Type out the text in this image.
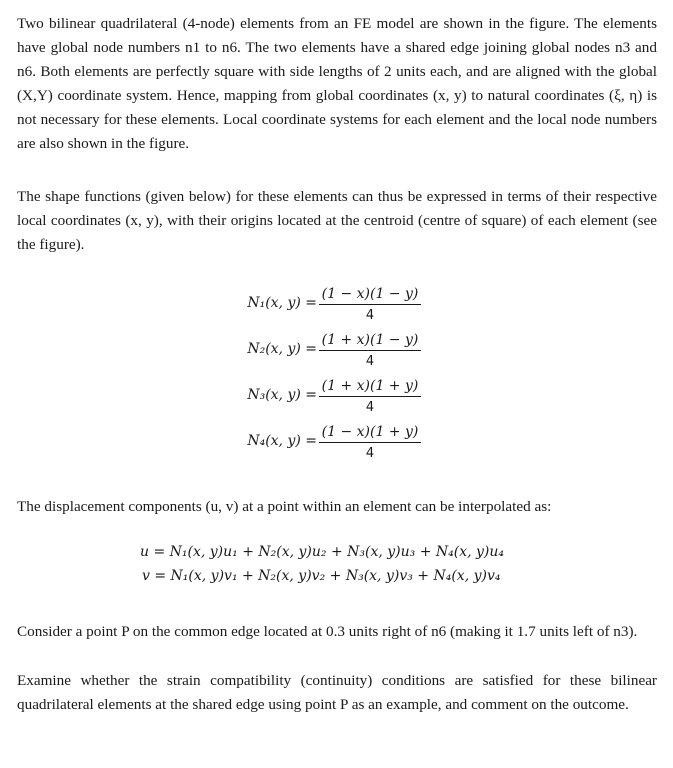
Two bilinear quadrilateral (4-node) elements from an FE model are shown in the figure. The elements have global node numbers n1 to n6. The two elements have a shared edge joining global nodes n3 and n6. Both elements are perfectly square with side lengths of 2 units each, and are aligned with the global (X,Y) coordinate system. Hence, mapping from global coordinates (x, y) to natural coordinates (ξ, η) is not necessary for these elements. Local coordinate systems for each element and the local node numbers are also shown in the figure.

The shape functions (given below) for these elements can thus be expressed in terms of their respective local coordinates (x, y), with their origins located at the centroid (centre of square) of each element (see the figure).

N₁(x, y) =
(1 − x)(1 − y)
4
N₂(x, y) =
(1 + x)(1 − y)
4
N₃(x, y) =
(1 + x)(1 + y)
4
N₄(x, y) =
(1 − x)(1 + y)
4

The displacement components (u, v) at a point within an element can be interpolated as:

u = N₁(x, y)u₁ + N₂(x, y)u₂ + N₃(x, y)u₃ + N₄(x, y)u₄
v = N₁(x, y)v₁ + N₂(x, y)v₂ + N₃(x, y)v₃ + N₄(x, y)v₄

Consider a point P on the common edge located at 0.3 units right of n6 (making it 1.7 units left of n3).

Examine whether the strain compatibility (continuity) conditions are satisfied for these bilinear quadrilateral elements at the shared edge using point P as an example, and comment on the outcome.
